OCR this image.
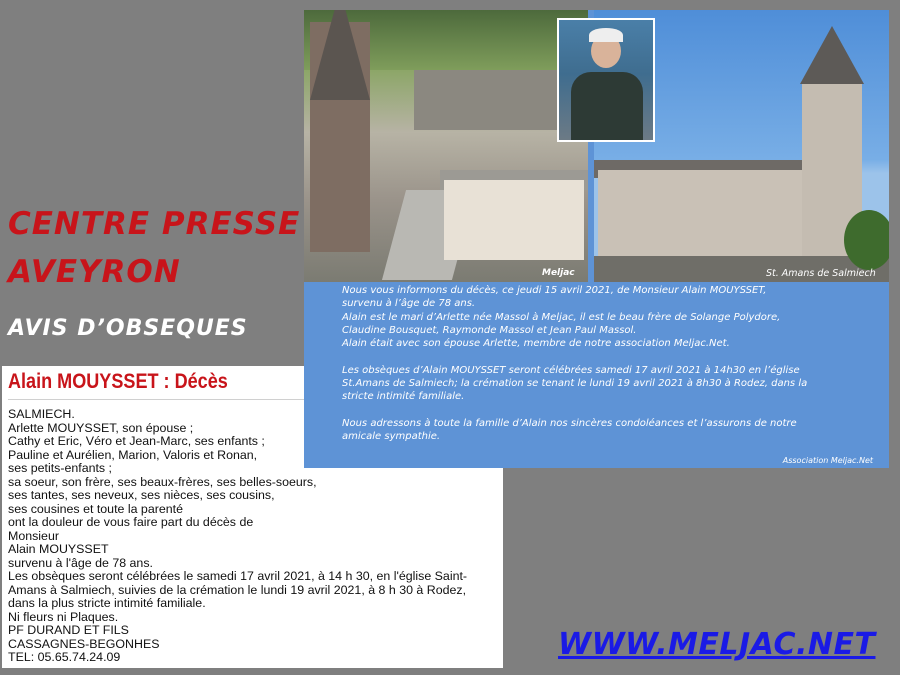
CENTRE PRESSE
AVEYRON
AVIS D’OBSEQUES
Alain MOUYSSET : Décès
SALMIECH.
Arlette MOUYSSET, son épouse ;
Cathy et Eric, Véro et Jean-Marc, ses enfants ;
Pauline et Aurélien, Marion, Valoris et Ronan,
ses petits-enfants ;
sa soeur, son frère, ses beaux-frères, ses belles-soeurs,
ses tantes, ses neveux, ses nièces, ses cousins,
ses cousines et toute la parenté
ont la douleur de vous faire part du décès de
Monsieur
Alain MOUYSSET
survenu à l'âge de 78 ans.
Les obsèques seront célébrées le samedi 17 avril 2021, à 14 h 30, en l'église Saint-
Amans à Salmiech, suivies de la crémation le lundi 19 avril 2021, à 8 h 30 à Rodez,
dans la plus stricte intimité familiale.
Ni fleurs ni Plaques.
PF DURAND ET FILS
CASSAGNES-BEGONHES
TEL: 05.65.74.24.09
Meljac	St. Amans de Salmiech
Nous vous informons du décès, ce jeudi 15 avril 2021, de Monsieur Alain MOUYSSET,
survenu à l’âge de 78 ans.
Alain est le mari d’Arlette née Massol à Meljac, il est le beau frère de Solange Polydore,
Claudine Bousquet, Raymonde Massol et Jean Paul Massol.
Alain était avec son épouse Arlette, membre de notre association Meljac.Net.
Les obsèques d’Alain MOUYSSET seront célébrées samedi 17 avril 2021 à 14h30 en l’église
St.Amans de Salmiech; la crémation se tenant le lundi 19 avril 2021 à 8h30 à Rodez, dans la
stricte intimité familiale.
Nous adressons à toute la famille d’Alain nos sincères condoléances et l’assurons de notre
amicale sympathie.
Association Meljac.Net
WWW.MELJAC.NET
